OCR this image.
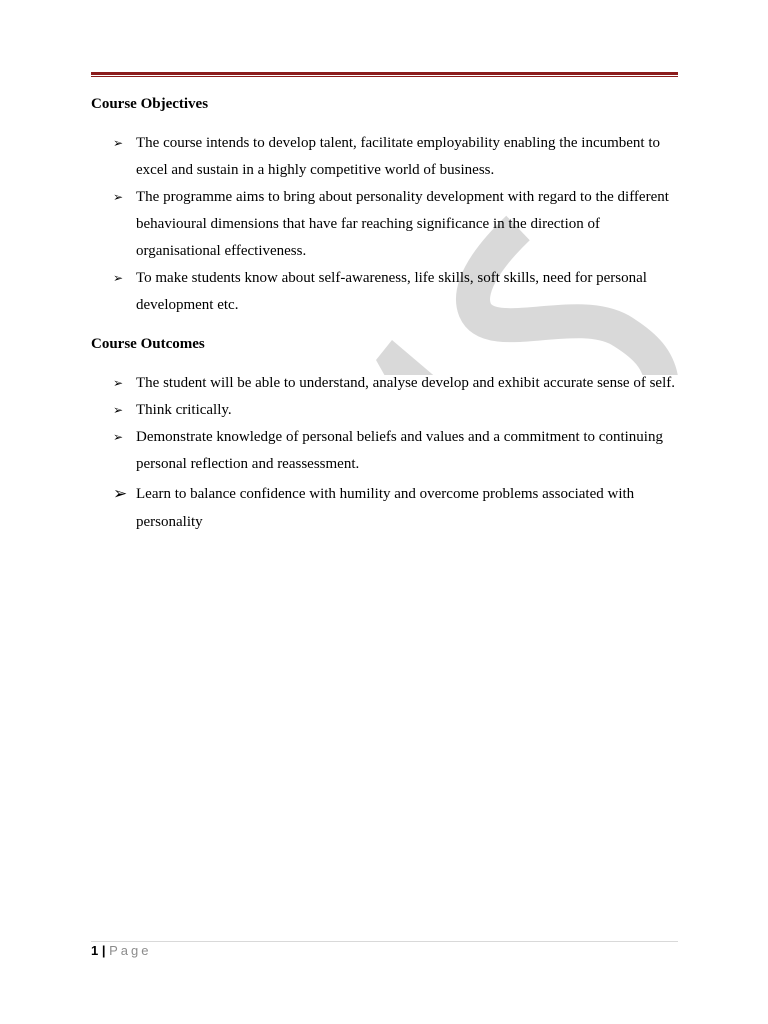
Course Objectives
➢ The course intends to develop talent, facilitate employability enabling the incumbent to excel and sustain in a highly competitive world of business.
➢ The programme aims to bring about personality development with regard to the different behavioural dimensions that have far reaching significance in the direction of organisational effectiveness.
➢ To make students know about self-awareness, life skills, soft skills, need for personal development etc.
Course Outcomes
➢ The student will be able to understand, analyse develop and exhibit accurate sense of self.
➢ Think critically.
➢ Demonstrate knowledge of personal beliefs and values and a commitment to continuing personal reflection and reassessment.
➢ Learn to balance confidence with humility and overcome problems associated with personality
1 | Page
